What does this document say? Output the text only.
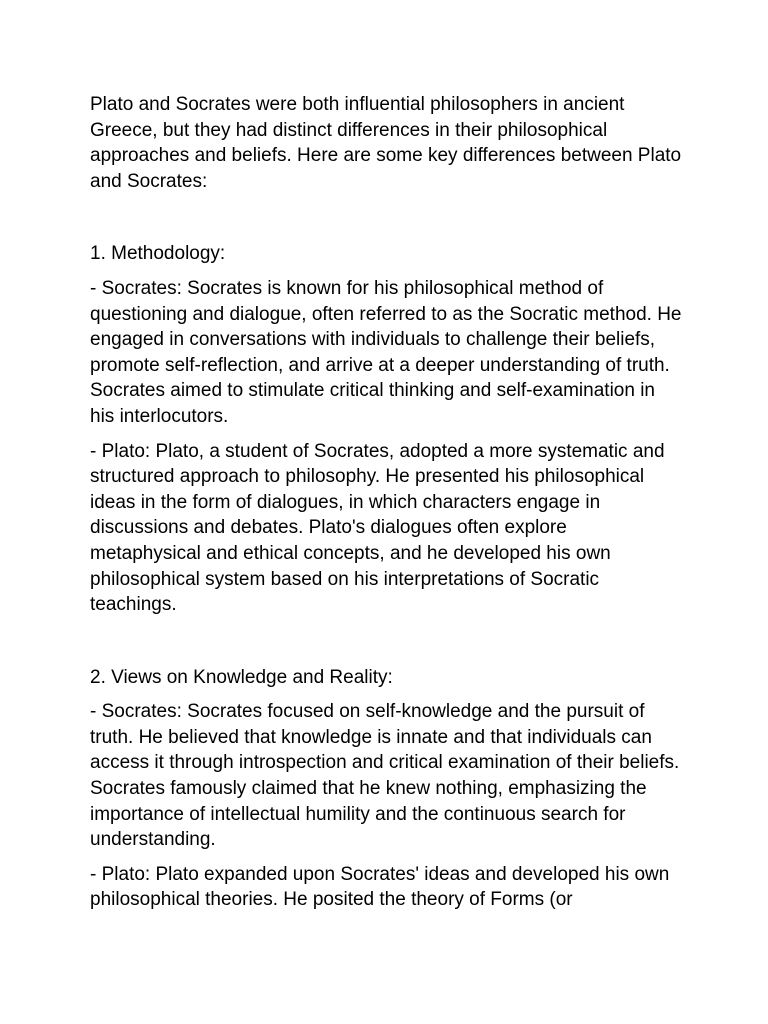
Plato and Socrates were both influential philosophers in ancient Greece, but they had distinct differences in their philosophical approaches and beliefs. Here are some key differences between Plato and Socrates:

1. Methodology:

- Socrates: Socrates is known for his philosophical method of questioning and dialogue, often referred to as the Socratic method. He engaged in conversations with individuals to challenge their beliefs, promote self-reflection, and arrive at a deeper understanding of truth. Socrates aimed to stimulate critical thinking and self-examination in his interlocutors.

- Plato: Plato, a student of Socrates, adopted a more systematic and structured approach to philosophy. He presented his philosophical ideas in the form of dialogues, in which characters engage in discussions and debates. Plato's dialogues often explore metaphysical and ethical concepts, and he developed his own philosophical system based on his interpretations of Socratic teachings.

2. Views on Knowledge and Reality:

- Socrates: Socrates focused on self-knowledge and the pursuit of truth. He believed that knowledge is innate and that individuals can access it through introspection and critical examination of their beliefs. Socrates famously claimed that he knew nothing, emphasizing the importance of intellectual humility and the continuous search for understanding.

- Plato: Plato expanded upon Socrates' ideas and developed his own philosophical theories. He posited the theory of Forms (or
